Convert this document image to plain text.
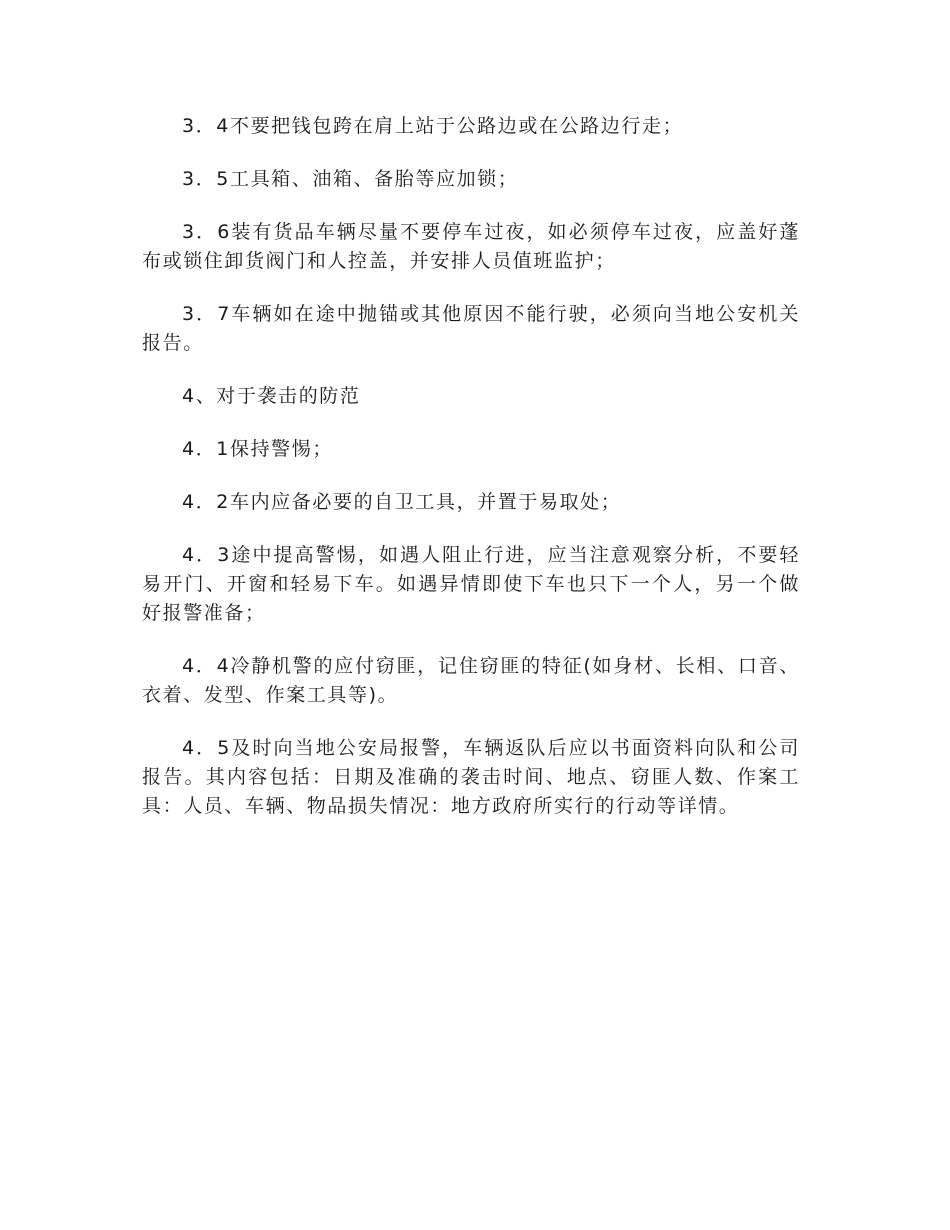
3．4不要把钱包跨在肩上站于公路边或在公路边行走；

3．5工具箱、油箱、备胎等应加锁；

3．6装有货品车辆尽量不要停车过夜，如必须停车过夜，应盖好蓬布或锁住卸货阀门和人控盖，并安排人员值班监护；

3．7车辆如在途中抛锚或其他原因不能行驶，必须向当地公安机关报告。

4、对于袭击的防范

4．1保持警惕；

4．2车内应备必要的自卫工具，并置于易取处；

4．3途中提高警惕，如遇人阻止行进，应当注意观察分析，不要轻易开门、开窗和轻易下车。如遇异情即使下车也只下一个人，另一个做好报警准备；

4．4冷静机警的应付窃匪，记住窃匪的特征(如身材、长相、口音、衣着、发型、作案工具等)。

4．5及时向当地公安局报警，车辆返队后应以书面资料向队和公司报告。其内容包括：日期及准确的袭击时间、地点、窃匪人数、作案工具：人员、车辆、物品损失情况：地方政府所实行的行动等详情。
